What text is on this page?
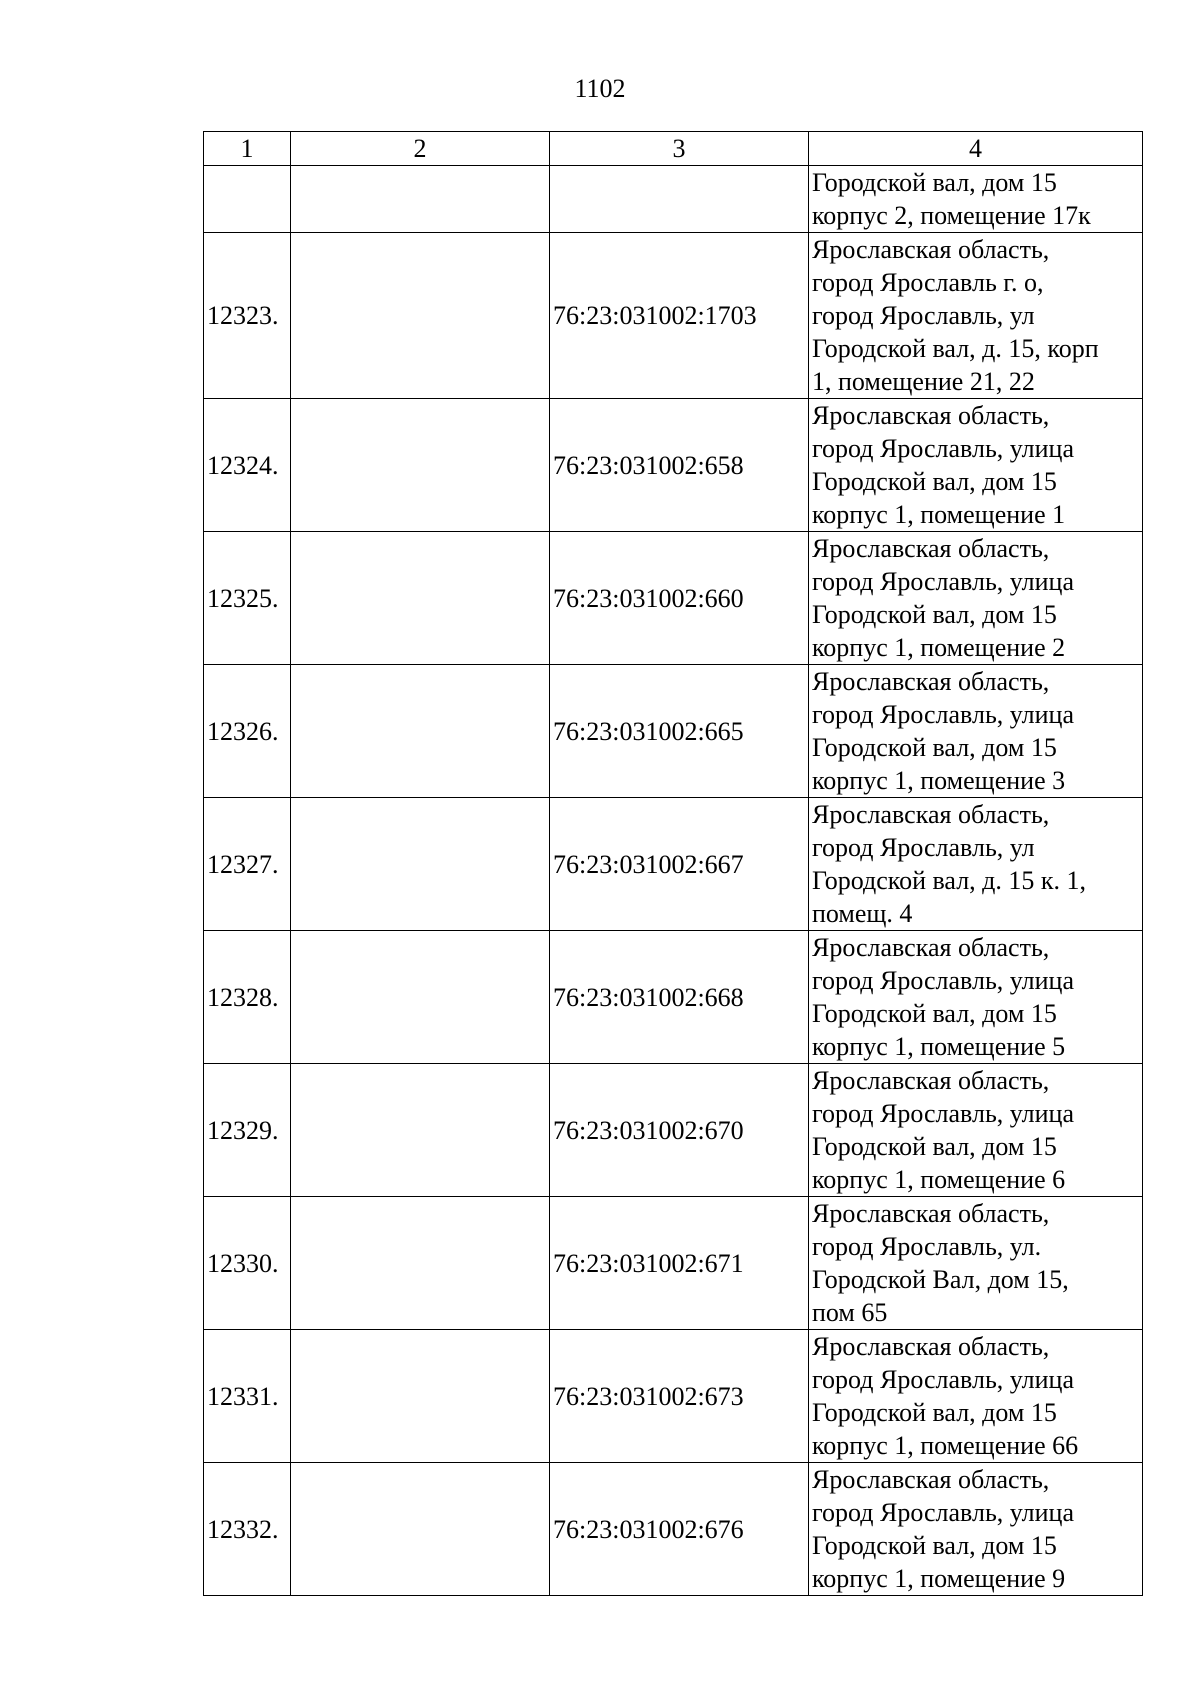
1102
1	2	3	4
			Городской вал, дом 15
корпус 2, помещение 17к
12323.		76:23:031002:1703	Ярославская область,
город Ярославль г. о,
город Ярославль, ул
Городской вал, д. 15, корп
1, помещение 21, 22
12324.		76:23:031002:658	Ярославская область,
город Ярославль, улица
Городской вал, дом 15
корпус 1, помещение 1
12325.		76:23:031002:660	Ярославская область,
город Ярославль, улица
Городской вал, дом 15
корпус 1, помещение 2
12326.		76:23:031002:665	Ярославская область,
город Ярославль, улица
Городской вал, дом 15
корпус 1, помещение 3
12327.		76:23:031002:667	Ярославская область,
город Ярославль, ул
Городской вал, д. 15 к. 1,
помещ. 4
12328.		76:23:031002:668	Ярославская область,
город Ярославль, улица
Городской вал, дом 15
корпус 1, помещение 5
12329.		76:23:031002:670	Ярославская область,
город Ярославль, улица
Городской вал, дом 15
корпус 1, помещение 6
12330.		76:23:031002:671	Ярославская область,
город Ярославль, ул.
Городской Вал, дом 15,
пом 65
12331.		76:23:031002:673	Ярославская область,
город Ярославль, улица
Городской вал, дом 15
корпус 1, помещение 66
12332.		76:23:031002:676	Ярославская область,
город Ярославль, улица
Городской вал, дом 15
корпус 1, помещение 9
